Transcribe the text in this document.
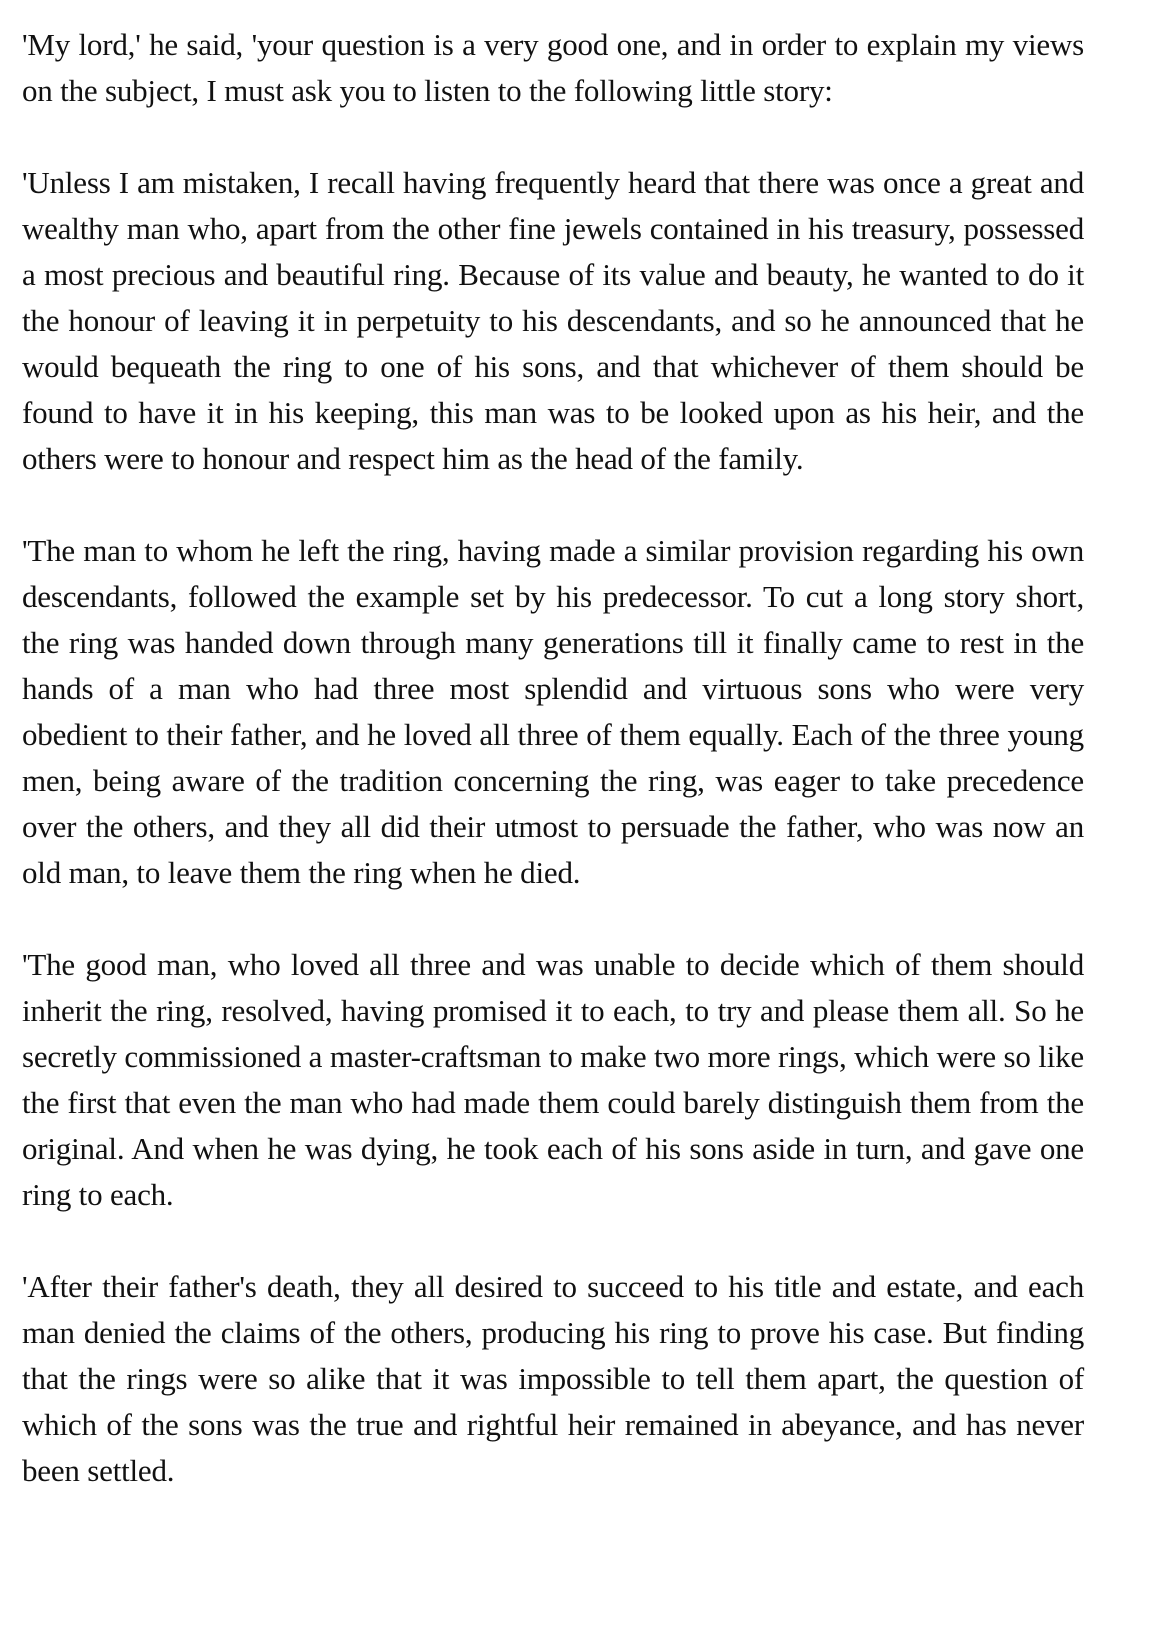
'My lord,' he said, 'your question is a very good one, and in order to explain my views on the subject, I must ask you to listen to the following little story:

'Unless I am mistaken, I recall having frequently heard that there was once a great and wealthy man who, apart from the other fine jewels contained in his treasury, possessed a most precious and beautiful ring. Because of its value and beauty, he wanted to do it the honour of leaving it in perpetuity to his descendants, and so he announced that he would bequeath the ring to one of his sons, and that whichever of them should be found to have it in his keeping, this man was to be looked upon as his heir, and the others were to honour and respect him as the head of the family.

'The man to whom he left the ring, having made a similar provision regarding his own descendants, followed the example set by his predecessor. To cut a long story short, the ring was handed down through many generations till it finally came to rest in the hands of a man who had three most splendid and virtuous sons who were very obedient to their father, and he loved all three of them equally. Each of the three young men, being aware of the tradition concerning the ring, was eager to take precedence over the others, and they all did their utmost to persuade the father, who was now an old man, to leave them the ring when he died.

'The good man, who loved all three and was unable to decide which of them should inherit the ring, resolved, having promised it to each, to try and please them all. So he secretly commissioned a master-craftsman to make two more rings, which were so like the first that even the man who had made them could barely distinguish them from the original. And when he was dying, he took each of his sons aside in turn, and gave one ring to each.

'After their father's death, they all desired to succeed to his title and estate, and each man denied the claims of the others, producing his ring to prove his case. But finding that the rings were so alike that it was impossible to tell them apart, the question of which of the sons was the true and rightful heir remained in abeyance, and has never been settled.
